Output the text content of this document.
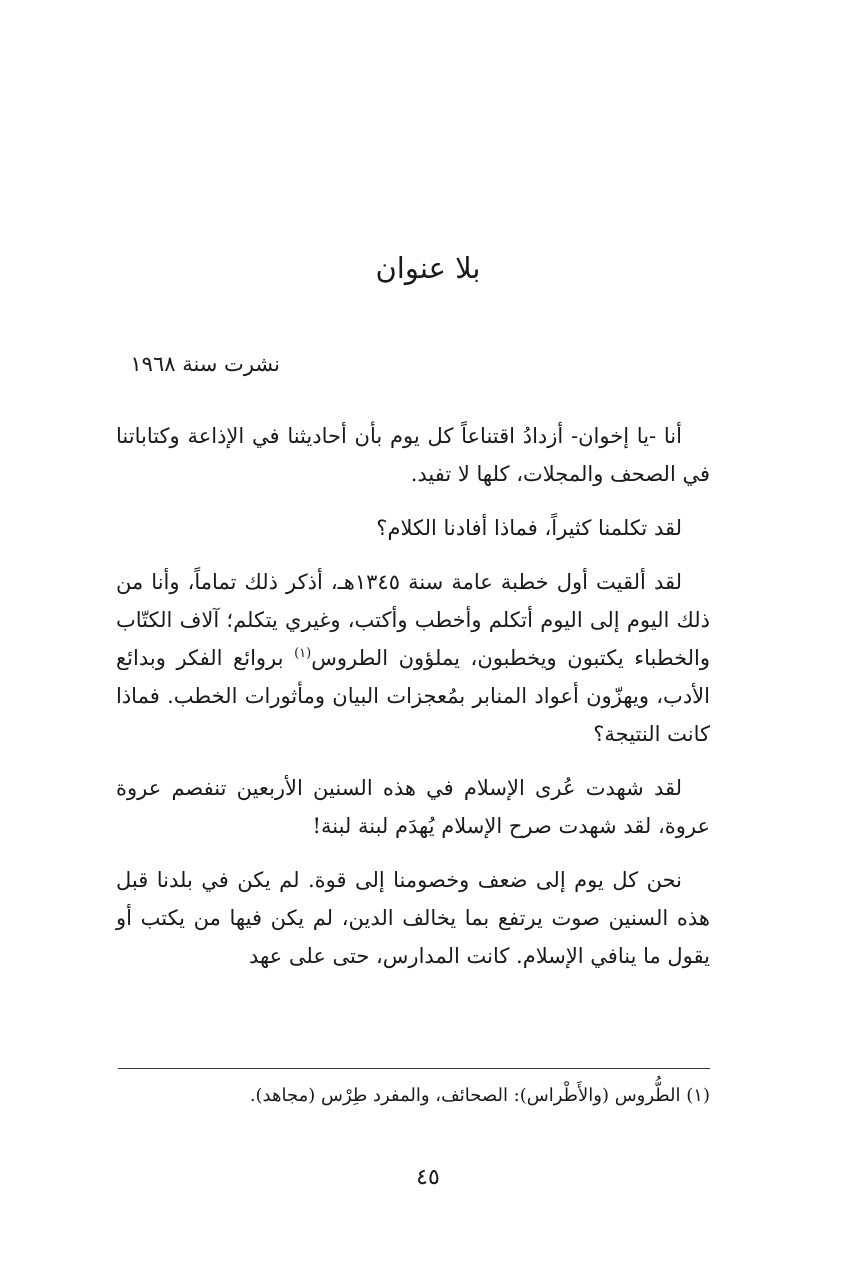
بلا عنوان
نشرت سنة ١٩٦٨

أنا -يا إخوان- أزدادُ اقتناعاً كل يوم بأن أحاديثنا في الإذاعة وكتاباتنا في الصحف والمجلات، كلها لا تفيد.

لقد تكلمنا كثيراً، فماذا أفادنا الكلام؟

لقد ألقيت أول خطبة عامة سنة ١٣٤٥هـ، أذكر ذلك تماماً، وأنا من ذلك اليوم إلى اليوم أتكلم وأخطب وأكتب، وغيري يتكلم؛ آلاف الكتّاب والخطباء يكتبون ويخطبون، يملؤون الطروس$^{(١)}$ بروائع الفكر وبدائع الأدب، ويهزّون أعواد المنابر بمُعجزات البيان ومأثورات الخطب. فماذا كانت النتيجة؟

لقد شهدت عُرى الإسلام في هذه السنين الأربعين تنفصم عروة عروة، لقد شهدت صرح الإسلام يُهدَم لبنة لبنة!

نحن كل يوم إلى ضعف وخصومنا إلى قوة. لم يكن في بلدنا قبل هذه السنين صوت يرتفع بما يخالف الدين، لم يكن فيها من يكتب أو يقول ما ينافي الإسلام. كانت المدارس، حتى على عهد

(١) الطُّروس (والأَطْراس): الصحائف، والمفرد طِرْس (مجاهد).
٤٥
